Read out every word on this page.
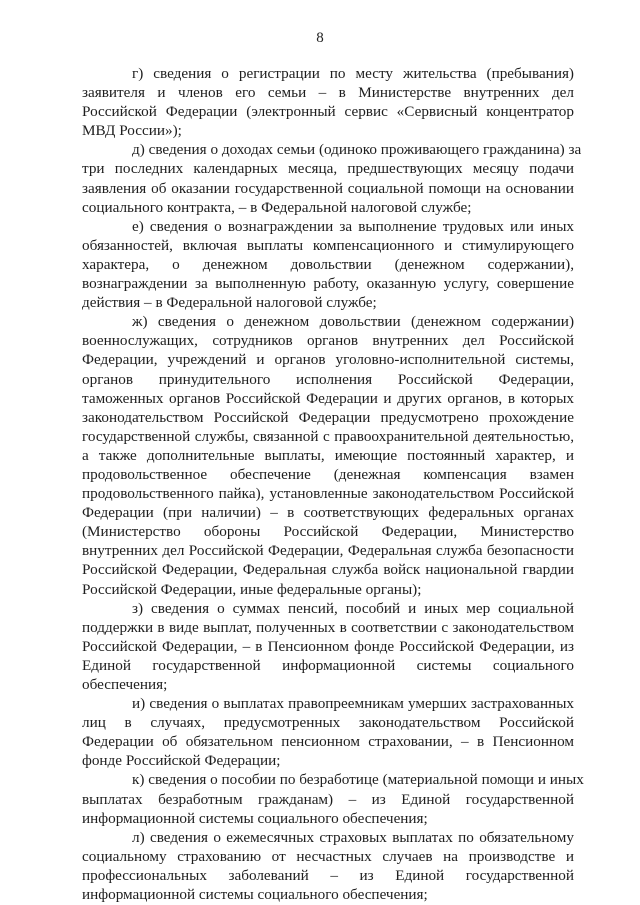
8
г) сведения о регистрации по месту жительства (пребывания)
заявителя и членов его семьи – в Министерстве внутренних дел
Российской Федерации (электронный сервис «Сервисный концентратор
МВД России»);
д) сведения о доходах семьи (одиноко проживающего гражданина) за
три последних календарных месяца, предшествующих месяцу подачи
заявления об оказании государственной социальной помощи на основании
социального контракта, – в Федеральной налоговой службе;
е) сведения о вознаграждении за выполнение трудовых или иных
обязанностей, включая выплаты компенсационного и стимулирующего
характера, о денежном довольствии (денежном содержании),
вознаграждении за выполненную работу, оказанную услугу, совершение
действия – в Федеральной налоговой службе;
ж) сведения о денежном довольствии (денежном содержании)
военнослужащих, сотрудников органов внутренних дел Российской
Федерации, учреждений и органов уголовно-исполнительной системы,
органов принудительного исполнения Российской Федерации,
таможенных органов Российской Федерации и других органов, в которых
законодательством Российской Федерации предусмотрено прохождение
государственной службы, связанной с правоохранительной деятельностью,
а также дополнительные выплаты, имеющие постоянный характер, и
продовольственное обеспечение (денежная компенсация взамен
продовольственного пайка), установленные законодательством Российской
Федерации (при наличии) – в соответствующих федеральных органах
(Министерство обороны Российской Федерации, Министерство
внутренних дел Российской Федерации, Федеральная служба безопасности
Российской Федерации, Федеральная служба войск национальной гвардии
Российской Федерации, иные федеральные органы);
з) сведения о суммах пенсий, пособий и иных мер социальной
поддержки в виде выплат, полученных в соответствии с законодательством
Российской Федерации, – в Пенсионном фонде Российской Федерации, из
Единой государственной информационной системы социального
обеспечения;
и) сведения о выплатах правопреемникам умерших застрахованных
лиц в случаях, предусмотренных законодательством Российской
Федерации об обязательном пенсионном страховании, – в Пенсионном
фонде Российской Федерации;
к) сведения о пособии по безработице (материальной помощи и иных
выплатах безработным гражданам) – из Единой государственной
информационной системы социального обеспечения;
л) сведения о ежемесячных страховых выплатах по обязательному
социальному страхованию от несчастных случаев на производстве и
профессиональных заболеваний – из Единой государственной
информационной системы социального обеспечения;
